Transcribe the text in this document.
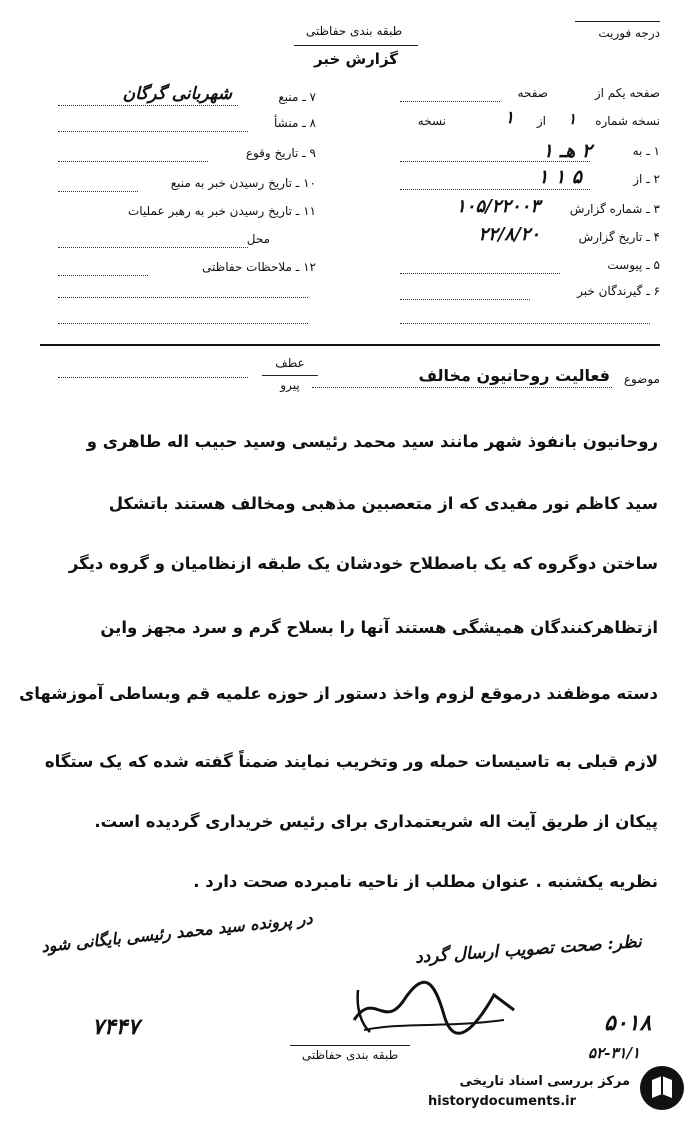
طبقه بندی حفاظتی	درجه فوریت
گزارش خبر
۷ ـ منبع
شهربانی گرگان
۸ ـ منشأ
۹ ـ تاریخ وقوع
۱۰ ـ تاریخ رسیدن خبر به منبع
۱۱ ـ تاریخ رسیدن خبر به رهبر عملیات
محل
۱۲ ـ ملاحظات حفاظتی
صفحه یکم از
صفحه
نسخه شماره
۱
از
۱
نسخه
۱ ـ به
۲ هـ ۱
۲ ـ از
۵ ۱ ۱
۳ ـ شماره گزارش
۱۰۵/۲۲۰۰۳
۴ ـ تاریخ گزارش
۲۲/۸/۲۰
۵ ـ پیوست
۶ ـ گیرندگان خبر
موضوع
فعالیت روحانیون مخالف
عطف
پیرو
روحانیون بانفوذ شهر مانند سید محمد رئیسی وسید حبیب اله طاهری و
سید کاظم نور مفیدی که از متعصبین مذهبی ومخالف هستند باتشکل
ساختن دوگروه که یک باصطلاح خودشان یک طبقه ازنظامیان و گروه دیگر
ازتظاهرکنندگان همیشگی هستند آنها را بسلاح گرم و سرد مجهز واین
دسته موظفند درموقع لزوم واخذ دستور از حوزه علمیه قم وبساطی آموزشهای
لازم قبلی به تاسیسات حمله ور وتخریب نمایند ضمناً گفته شده که یک ستگاه
پیکان از طریق آیت اله شریعتمداری برای رئیس خریداری گردیده است.
نظریه یکشنبه . عنوان مطلب از ناحیه نامبرده صحت دارد .
در پرونده سید محمد رئیسی بایگانی شود
۷۴۴۷
نظر: صحت تصویب ارسال گردد
۵۰۱۸
۵۲-۳۱/۱
طبقه بندی حفاظتی
مرکز بررسی اسناد تاریخی
historydocuments.ir
